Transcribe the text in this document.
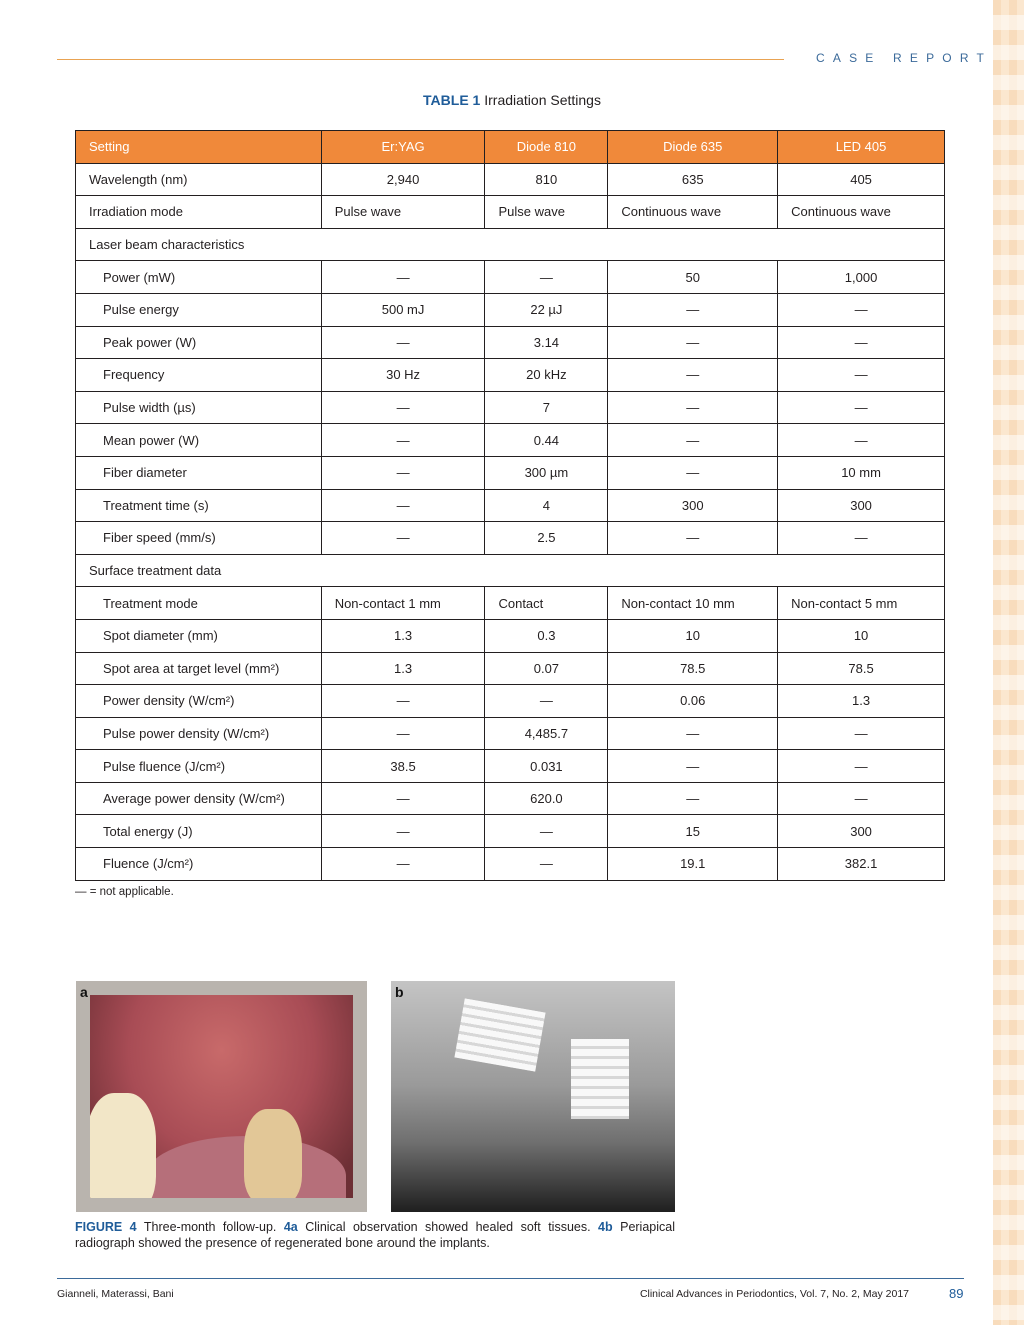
CASE REPORT
TABLE 1 Irradiation Settings
Setting	Er:YAG	Diode 810	Diode 635	LED 405
Wavelength (nm)	2,940	810	635	405
Irradiation mode	Pulse wave	Pulse wave	Continuous wave	Continuous wave
Laser beam characteristics				
Power (mW)	—	—	50	1,000
Pulse energy	500 mJ	22 µJ	—	—
Peak power (W)	—	3.14	—	—
Frequency	30 Hz	20 kHz	—	—
Pulse width (µs)	—	7	—	—
Mean power (W)	—	0.44	—	—
Fiber diameter	—	300 µm	—	10 mm
Treatment time (s)	—	4	300	300
Fiber speed (mm/s)	—	2.5	—	—
Surface treatment data				
Treatment mode	Non-contact 1 mm	Contact	Non-contact 10 mm	Non-contact 5 mm
Spot diameter (mm)	1.3	0.3	10	10
Spot area at target level (mm²)	1.3	0.07	78.5	78.5
Power density (W/cm²)	—	—	0.06	1.3
Pulse power density (W/cm²)	—	4,485.7	—	—
Pulse fluence (J/cm²)	38.5	0.031	—	—
Average power density (W/cm²)	—	620.0	—	—
Total energy (J)	—	—	15	300
Fluence (J/cm²)	—	—	19.1	382.1
— = not applicable.
a	b
FIGURE 4 Three-month follow-up. 4a Clinical observation showed healed soft tissues. 4b Periapical radiograph showed the presence of regenerated bone around the implants.
Gianneli, Materassi, Bani	Clinical Advances in Periodontics, Vol. 7, No. 2, May 2017	89
